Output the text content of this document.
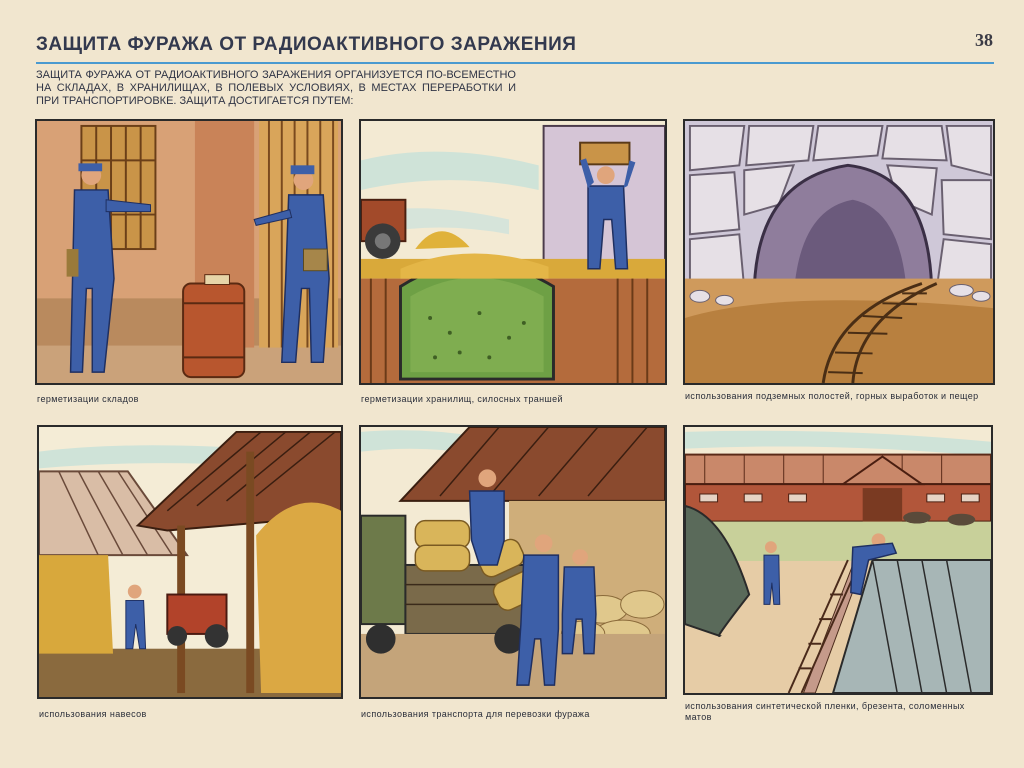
ЗАЩИТА ФУРАЖА ОТ РАДИОАКТИВНОГО ЗАРАЖЕНИЯ	38
ЗАЩИТА ФУРАЖА ОТ РАДИОАКТИВНОГО ЗАРАЖЕНИЯ ОРГАНИЗУЕТСЯ ПО-ВСЕМЕСТНО НА СКЛАДАХ, В ХРАНИЛИЩАХ, В ПОЛЕВЫХ УСЛОВИЯХ, В МЕСТАХ ПЕРЕРАБОТКИ И ПРИ ТРАНСПОРТИРОВКЕ. ЗАЩИТА ДОСТИГАЕТСЯ ПУТЕМ:
герметизации складов	герметизации хранилищ, силосных траншей	использования подземных полостей, горных выработок и пещер
использования навесов	использования транспорта для перевозки фуража
использования синтетической пленки, брезента, соломенных матов
